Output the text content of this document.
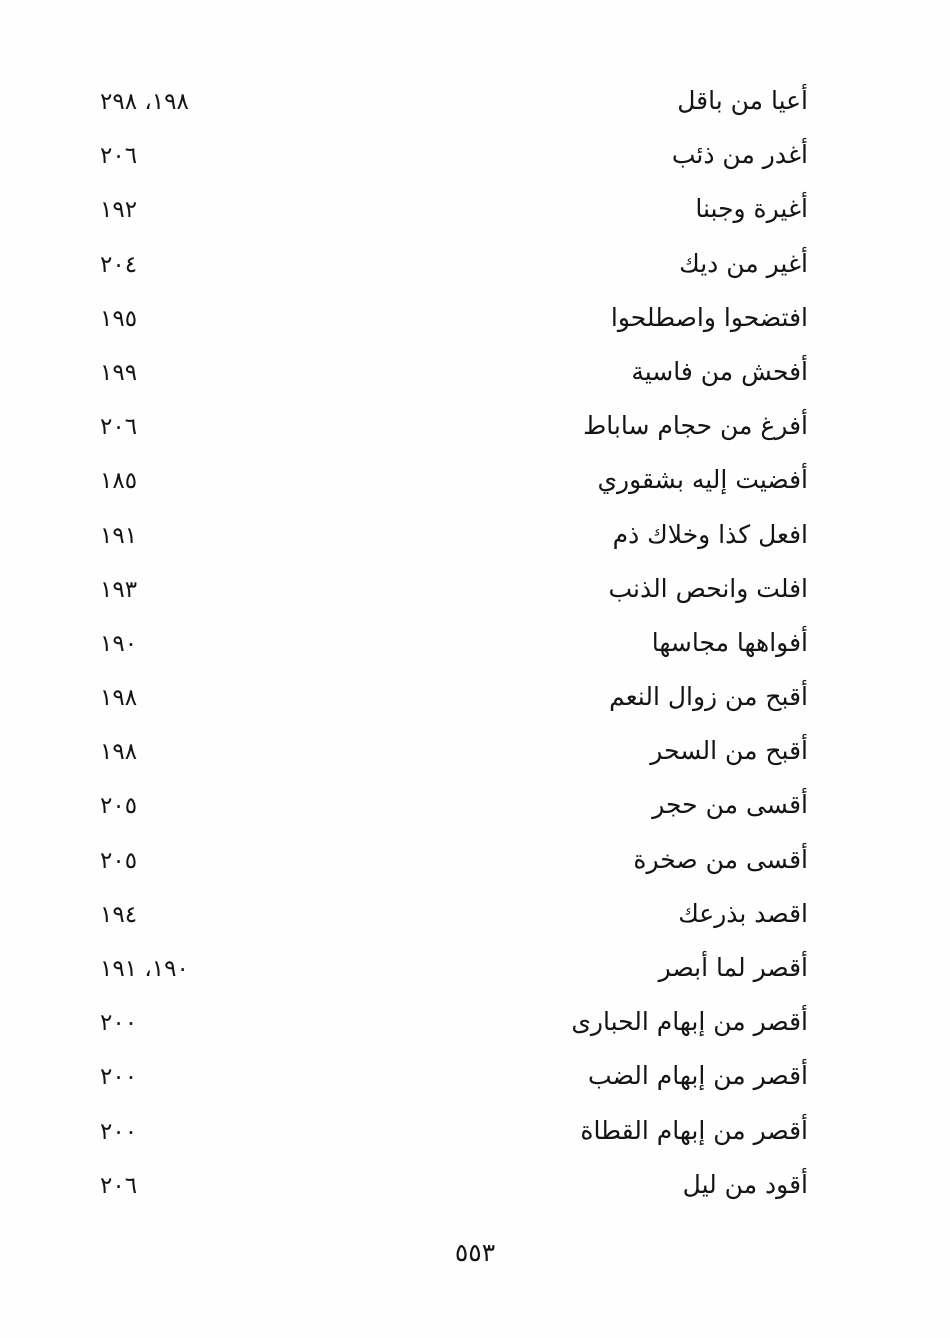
أعيا من باقل
١٩٨، ٢٩٨
أغدر من ذئب
٢٠٦
أغيرة وجبنا
١٩٢
أغير من ديك
٢٠٤
افتضحوا واصطلحوا
١٩٥
أفحش من فاسية
١٩٩
أفرغ من حجام ساباط
٢٠٦
أفضيت إليه بشقوري
١٨٥
افعل كذا وخلاك ذم
١٩١
افلت وانحص الذنب
١٩٣
أفواهها مجاسها
١٩٠
أقبح من زوال النعم
١٩٨
أقبح من السحر
١٩٨
أقسى من حجر
٢٠٥
أقسى من صخرة
٢٠٥
اقصد بذرعك
١٩٤
أقصر لما أبصر
١٩٠، ١٩١
أقصر من إبهام الحبارى
٢٠٠
أقصر من إبهام الضب
٢٠٠
أقصر من إبهام القطاة
٢٠٠
أقود من ليل
٢٠٦
٥٥٣
